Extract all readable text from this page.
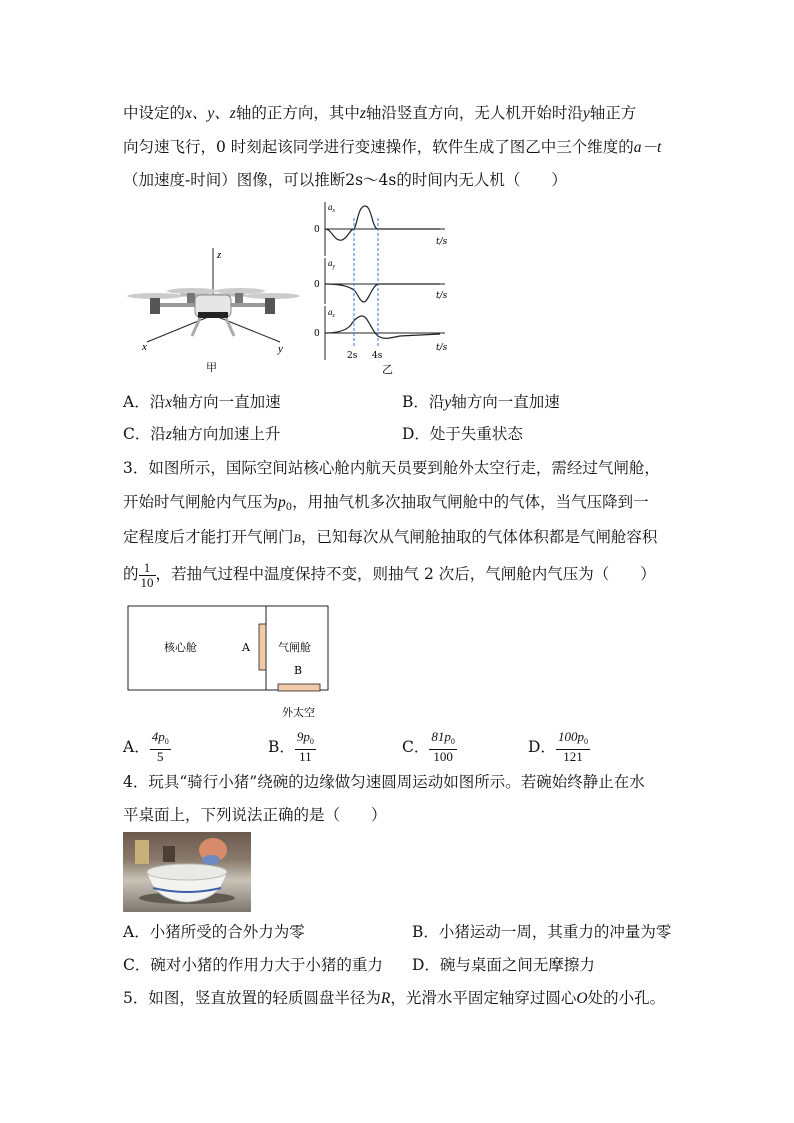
中设定的x、y、z轴的正方向，其中z轴沿竖直方向，无人机开始时沿y轴正方
向匀速飞行，0 时刻起该同学进行变速操作，软件生成了图乙中三个维度的a－t
（加速度-时间）图像，可以推断2s～4s的时间内无人机（　　）
z
x	y
甲
$a_x$
0
t/s
$a_y$
0
t/s
$a_z$
0
t/s
2s 4s
乙
A．沿x轴方向一直加速	B．沿y轴方向一直加速
C．沿z轴方向加速上升	D．处于失重状态
3．如图所示，国际空间站核心舱内航天员要到舱外太空行走，需经过气闸舱，
开始时气闸舱内气压为$p_0$，用抽气机多次抽取气闸舱中的气体，当气压降到一
定程度后才能打开气闸门B，已知每次从气闸舱抽取的气体体积都是气闸舱容积
的 $\frac{1}{10}$ ，若抽气过程中温度保持不变，则抽气 2 次后，气闸舱内气压为（　　）
核心舱	A	气闸舱
B
外太空
A． $\frac{4p_0}{5}$	B． $\frac{9p_0}{11}$	C． $\frac{81p_0}{100}$	D． $\frac{100p_0}{121}$
4．玩具“骑行小猪”绕碗的边缘做匀速圆周运动如图所示。若碗始终静止在水
平桌面上，下列说法正确的是（　　）
A．小猪所受的合外力为零	B．小猪运动一周，其重力的冲量为零
C．碗对小猪的作用力大于小猪的重力 D．碗与桌面之间无摩擦力
5．如图，竖直放置的轻质圆盘半径为R，光滑水平固定轴穿过圆心O处的小孔。
